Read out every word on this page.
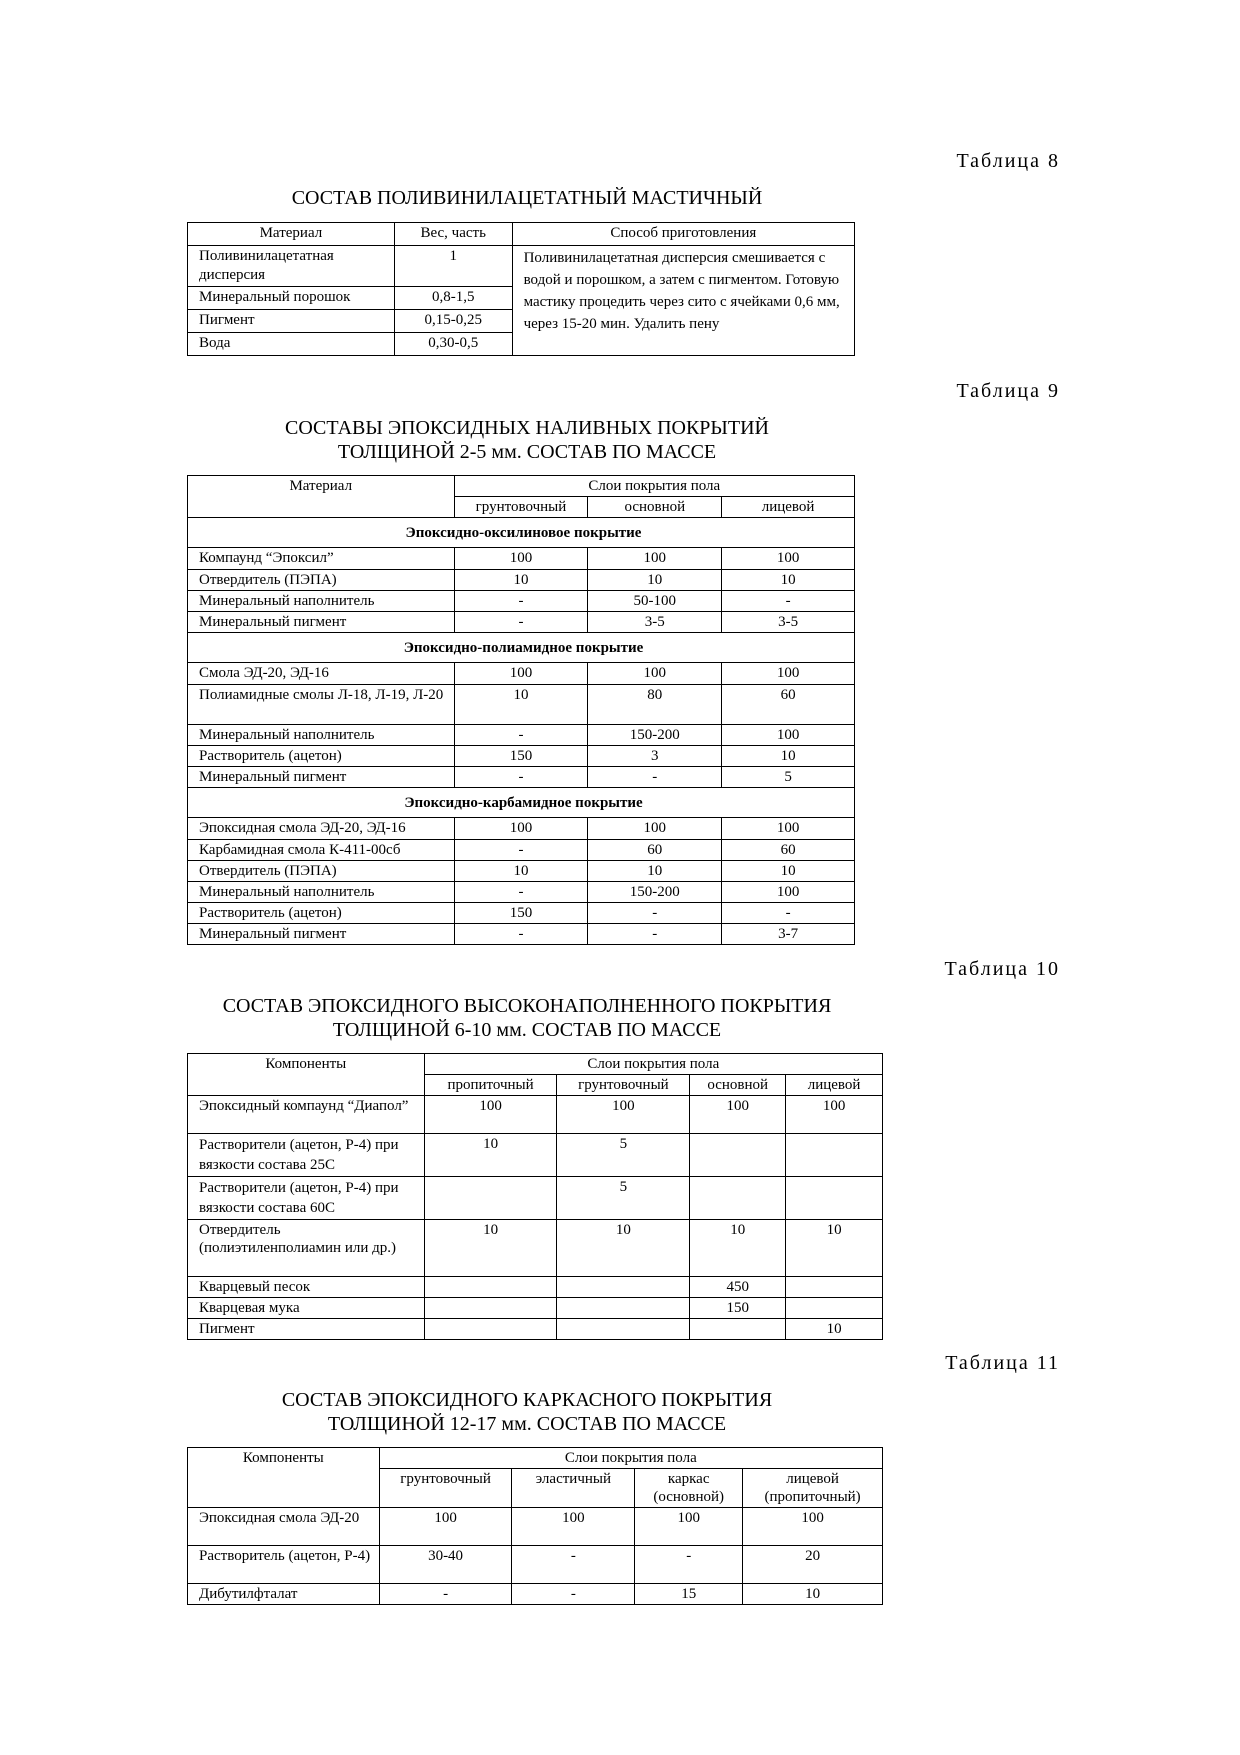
Таблица 8
СОСТАВ ПОЛИВИНИЛАЦЕТАТНЫЙ МАСТИЧНЫЙ
Материал	Вес, часть	Способ приготовления
Поливинилацетатная дисперсия	1	Поливинилацетатная дисперсия смешивается с водой и порошком, а затем с пигментом. Готовую мастику процедить через сито с ячейками 0,6 мм, через 15-20 мин. Удалить пену
Минеральный порошок	0,8-1,5	
Пигмент	0,15-0,25	
Вода	0,30-0,5	
Таблица 9
СОСТАВЫ ЭПОКСИДНЫХ НАЛИВНЫХ ПОКРЫТИЙ
ТОЛЩИНОЙ 2-5 мм. СОСТАВ ПО МАССЕ
Материал	Слои покрытия пола		
	грунтовочный	основной	лицевой
Эпоксидно-оксилиновое покрытие			
Компаунд “Эпоксил”	100	100	100
Отвердитель (ПЭПА)	10	10	10
Минеральный наполнитель	-	50-100	-
Минеральный пигмент	-	3-5	3-5
Эпоксидно-полиамидное покрытие			
Смола ЭД-20, ЭД-16	100	100	100
Полиамидные смолы Л-18, Л-19, Л-20	10	80	60
Минеральный наполнитель	-	150-200	100
Растворитель (ацетон)	150	3	10
Минеральный пигмент	-	-	5
Эпоксидно-карбамидное покрытие			
Эпоксидная смола ЭД-20, ЭД-16	100	100	100
Карбамидная смола К-411-00сб	-	60	60
Отвердитель (ПЭПА)	10	10	10
Минеральный наполнитель	-	150-200	100
Растворитель (ацетон)	150	-	-
Минеральный пигмент	-	-	3-7
Таблица 10
СОСТАВ ЭПОКСИДНОГО ВЫСОКОНАПОЛНЕННОГО ПОКРЫТИЯ
ТОЛЩИНОЙ 6-10 мм. СОСТАВ ПО МАССЕ
Компоненты	Слои покрытия пола			
	пропиточный	грунтовочный	основной	лицевой
Эпоксидный компаунд “Диапол”	100	100	100	100
Растворители (ацетон, Р-4) при вязкости состава 25С	10	5		
Растворители (ацетон, Р-4) при вязкости состава 60С		5		
Отвердитель (полиэтиленполиамин или др.)	10	10	10	10
Кварцевый песок			450	
Кварцевая мука			150	
Пигмент				10
Таблица 11
СОСТАВ ЭПОКСИДНОГО КАРКАСНОГО ПОКРЫТИЯ
ТОЛЩИНОЙ 12-17 мм. СОСТАВ ПО МАССЕ
Компоненты	Слои покрытия пола			
	грунтовочный	эластичный	каркас (основной)	лицевой (пропиточный)
Эпоксидная смола ЭД-20	100	100	100	100
Растворитель (ацетон, Р-4)	30-40	-	-	20
Дибутилфталат	-	-	15	10
